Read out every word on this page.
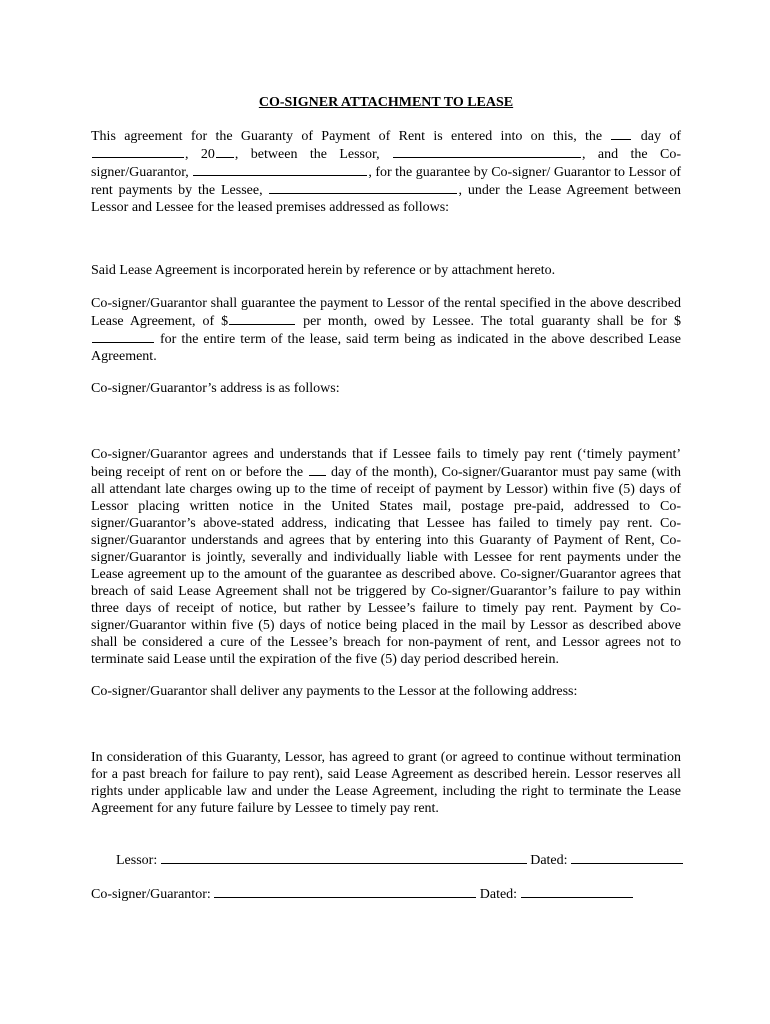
CO-SIGNER ATTACHMENT TO LEASE

This agreement for the Guaranty of Payment of Rent is entered into on this, the	day of , 20 , between the Lessor,	, and the Co-signer/Guarantor,	, for the guarantee by Co-signer/ Guarantor to Lessor of rent payments by the Lessee,	, under the Lease Agreement between Lessor and Lessee for the leased premises addressed as follows:

Said Lease Agreement is incorporated herein by reference or by attachment hereto.

Co-signer/Guarantor shall guarantee the payment to Lessor of the rental specified in the above described Lease Agreement, of $	per month, owed by Lessee. The total guaranty shall be for $ for the entire term of the lease, said term being as indicated in the above described Lease Agreement.

Co-signer/Guarantor’s address is as follows:

Co-signer/Guarantor agrees and understands that if Lessee fails to timely pay rent (‘timely payment’ being receipt of rent on or before the day of the month), Co-signer/Guarantor must pay same (with all attendant late charges owing up to the time of receipt of payment by Lessor) within five (5) days of Lessor placing written notice in the United States mail, postage pre-paid, addressed to Co-signer/Guarantor’s above-stated address, indicating that Lessee has failed to timely pay rent. Co-signer/Guarantor understands and agrees that by entering into this Guaranty of Payment of Rent, Co-signer/Guarantor is jointly, severally and individually liable with Lessee for rent payments under the Lease agreement up to the amount of the guarantee as described above. Co-signer/Guarantor agrees that breach of said Lease Agreement shall not be triggered by Co-signer/Guarantor’s failure to pay within three days of receipt of notice, but rather by Lessee’s failure to timely pay rent. Payment by Co-signer/Guarantor within five (5) days of notice being placed in the mail by Lessor as described above shall be considered a cure of the Lessee’s breach for non-payment of rent, and Lessor agrees not to terminate said Lease until the expiration of the five (5) day period described herein.

Co-signer/Guarantor shall deliver any payments to the Lessor at the following address:

In consideration of this Guaranty, Lessor, has agreed to grant (or agreed to continue without termination for a past breach for failure to pay rent), said Lease Agreement as described herein. Lessor reserves all rights under applicable law and under the Lease Agreement, including the right to terminate the Lease Agreement for any future failure by Lessee to timely pay rent.

Lessor:	Dated:
Co-signer/Guarantor:	Dated:
